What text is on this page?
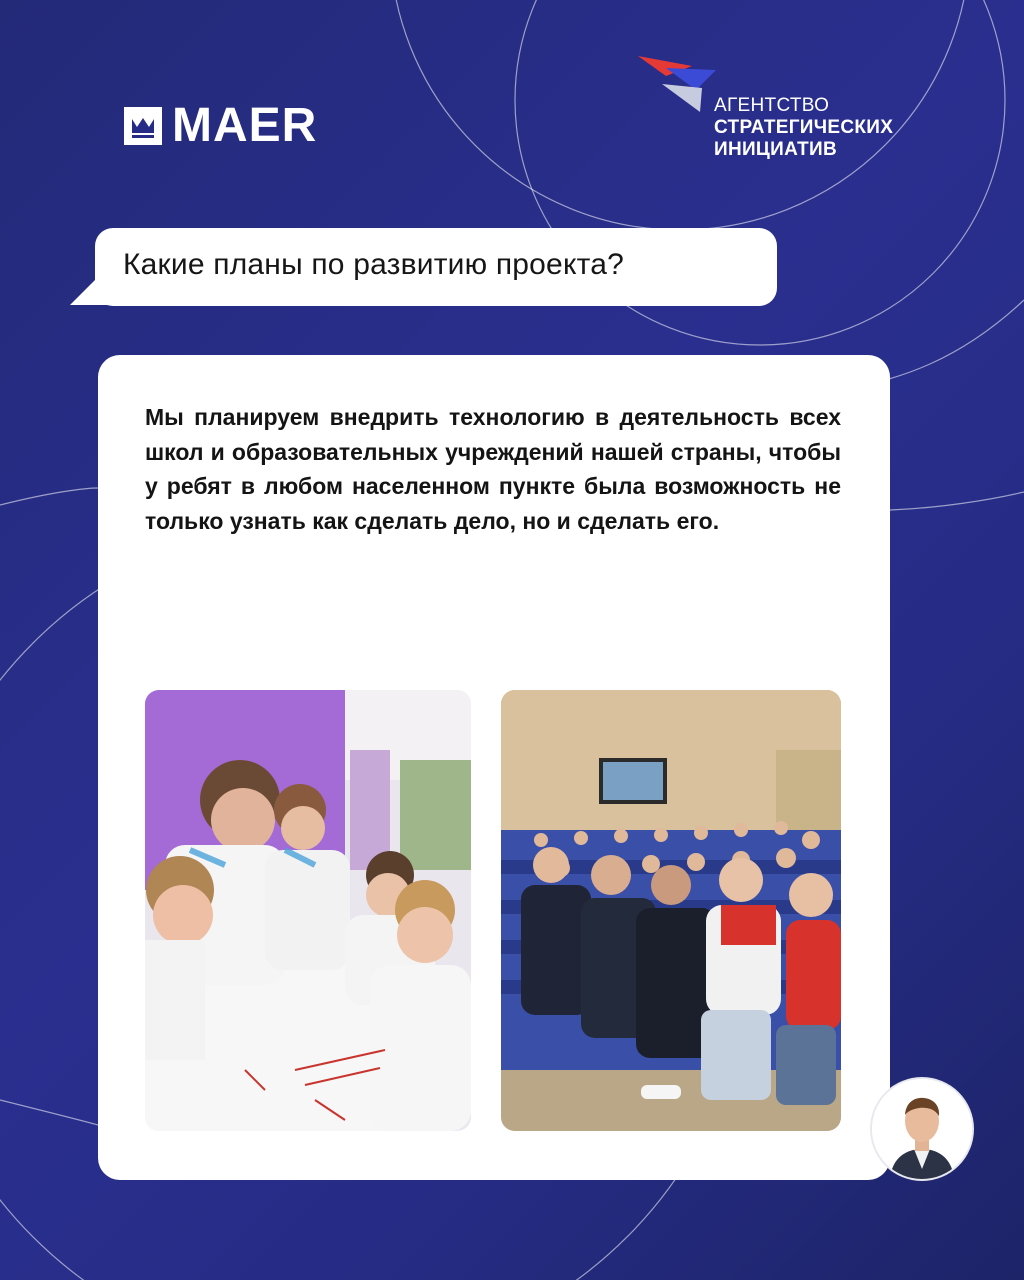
MAER	АГЕНТСТВО
СТРАТЕГИЧЕСКИХ
ИНИЦИАТИВ
Какие планы по развитию проекта?
Мы планируем внедрить технологию в деятельность всех школ и образовательных учреждений нашей страны, чтобы у ребят в любом населенном пункте была возможность не только узнать как сделать дело, но и сделать его.
